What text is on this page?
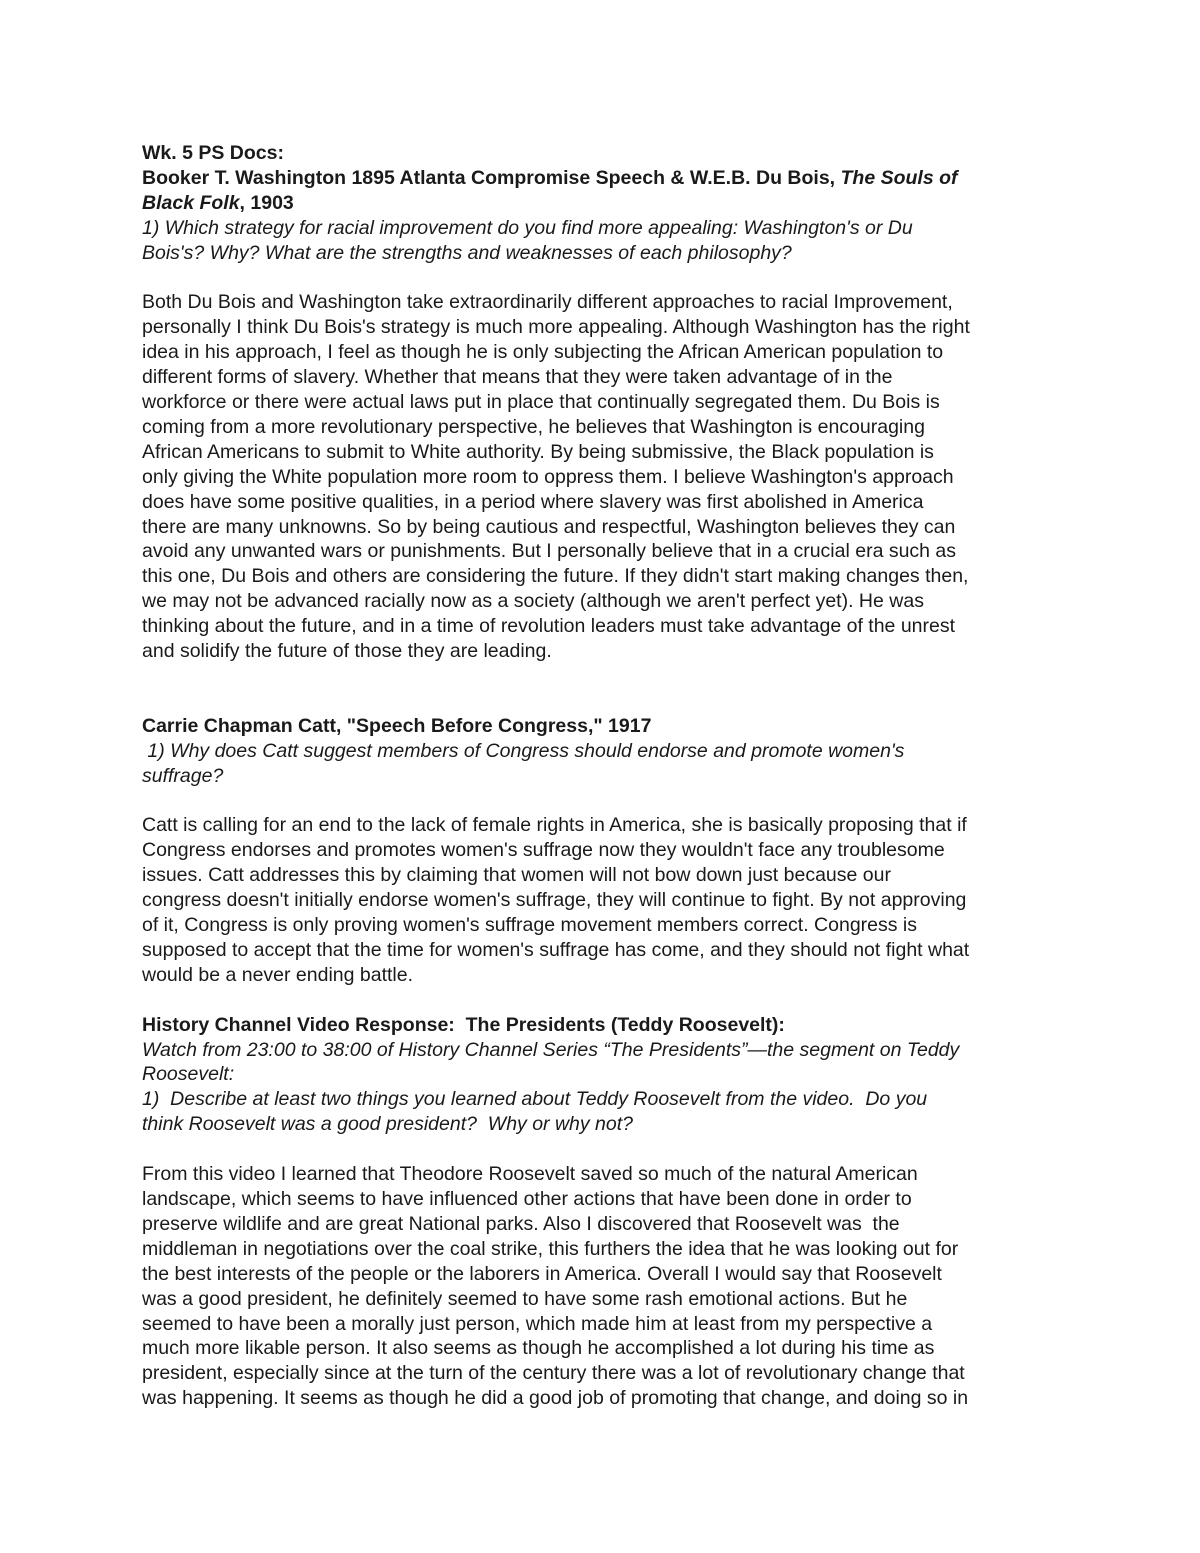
Wk. 5 PS Docs:
Booker T. Washington 1895 Atlanta Compromise Speech & W.E.B. Du Bois, The Souls of
Black Folk, 1903
1) Which strategy for racial improvement do you find more appealing: Washington's or Du
Bois's? Why? What are the strengths and weaknesses of each philosophy?
Both Du Bois and Washington take extraordinarily different approaches to racial Improvement,
personally I think Du Bois's strategy is much more appealing. Although Washington has the right
idea in his approach, I feel as though he is only subjecting the African American population to
different forms of slavery. Whether that means that they were taken advantage of in the
workforce or there were actual laws put in place that continually segregated them. Du Bois is
coming from a more revolutionary perspective, he believes that Washington is encouraging
African Americans to submit to White authority. By being submissive, the Black population is
only giving the White population more room to oppress them. I believe Washington's approach
does have some positive qualities, in a period where slavery was first abolished in America
there are many unknowns. So by being cautious and respectful, Washington believes they can
avoid any unwanted wars or punishments. But I personally believe that in a crucial era such as
this one, Du Bois and others are considering the future. If they didn't start making changes then,
we may not be advanced racially now as a society (although we aren't perfect yet). He was
thinking about the future, and in a time of revolution leaders must take advantage of the unrest
and solidify the future of those they are leading.
Carrie Chapman Catt, "Speech Before Congress," 1917
1) Why does Catt suggest members of Congress should endorse and promote women's
suffrage?
Catt is calling for an end to the lack of female rights in America, she is basically proposing that if
Congress endorses and promotes women's suffrage now they wouldn't face any troublesome
issues. Catt addresses this by claiming that women will not bow down just because our
congress doesn't initially endorse women's suffrage, they will continue to fight. By not approving
of it, Congress is only proving women's suffrage movement members correct. Congress is
supposed to accept that the time for women's suffrage has come, and they should not fight what
would be a never ending battle.
History Channel Video Response:  The Presidents (Teddy Roosevelt):
Watch from 23:00 to 38:00 of History Channel Series “The Presidents”—the segment on Teddy
Roosevelt:
1)  Describe at least two things you learned about Teddy Roosevelt from the video.  Do you
think Roosevelt was a good president?  Why or why not?
From this video I learned that Theodore Roosevelt saved so much of the natural American
landscape, which seems to have influenced other actions that have been done in order to
preserve wildlife and are great National parks. Also I discovered that Roosevelt was  the
middleman in negotiations over the coal strike, this furthers the idea that he was looking out for
the best interests of the people or the laborers in America. Overall I would say that Roosevelt
was a good president, he definitely seemed to have some rash emotional actions. But he
seemed to have been a morally just person, which made him at least from my perspective a
much more likable person. It also seems as though he accomplished a lot during his time as
president, especially since at the turn of the century there was a lot of revolutionary change that
was happening. It seems as though he did a good job of promoting that change, and doing so in
